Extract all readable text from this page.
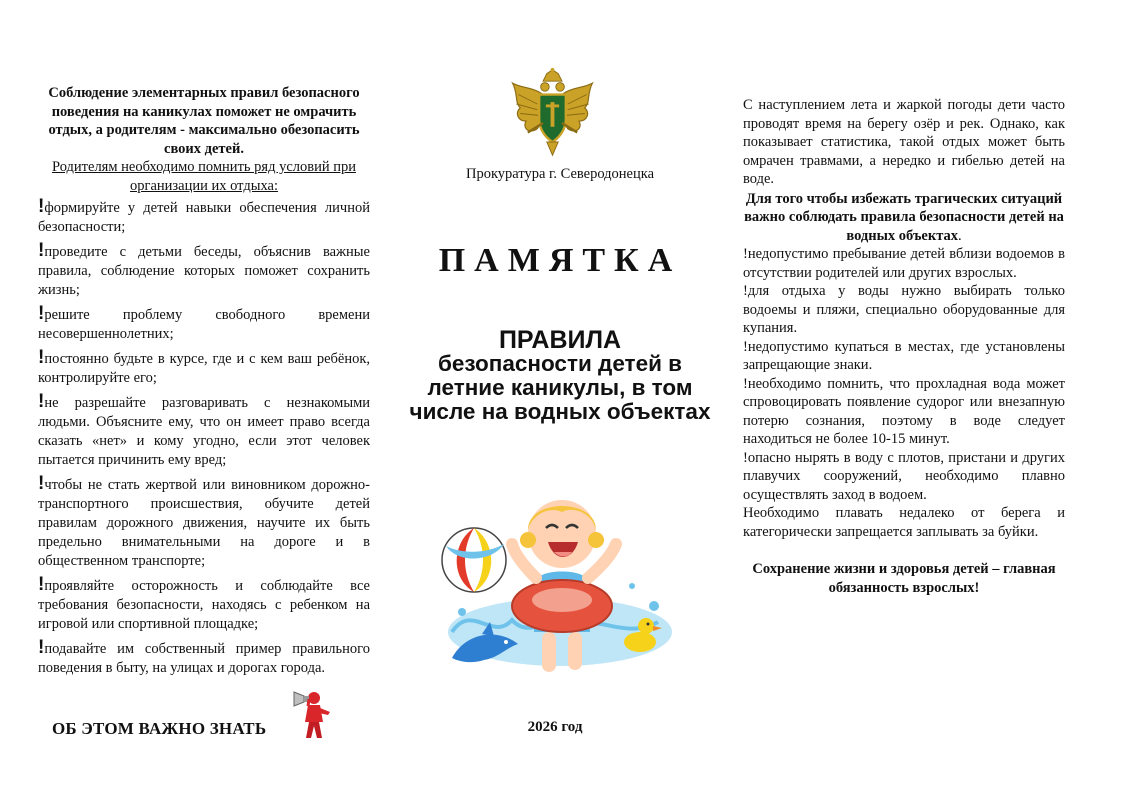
Соблюдение элементарных правил безопасного поведения на каникулах поможет не омрачить отдых, а родителям - максимально обезопасить своих детей.

Родителям необходимо помнить ряд условий при организации их отдыха:

!формируйте у детей навыки обеспечения личной безопасности;
!проведите с детьми беседы, объяснив важные правила, соблюдение которых поможет сохранить жизнь;
!решите проблему свободного времени несовершеннолетних;
!постоянно будьте в курсе, где и с кем ваш ребёнок, контролируйте его;
!не разрешайте разговаривать с незнакомыми людьми. Объясните ему, что он имеет право всегда сказать «нет» и кому угодно, если этот человек пытается причинить ему вред;
!чтобы не стать жертвой или виновником дорожно-транспортного происшествия, обучите детей правилам дорожного движения, научите их быть предельно внимательными на дороге и в общественном транспорте;
!проявляйте осторожность и соблюдайте все требования безопасности, находясь с ребенком на игровой или спортивной площадке;
!подавайте им собственный пример правильного поведения в быту, на улицах и дорогах города.
ОБ ЭТОМ ВАЖНО ЗНАТЬ
Прокуратура г. Северодонецка
ПАМЯТКА
ПРАВИЛА
безопасности детей в летние каникулы, в том числе на водных объектах
2026 год

С наступлением лета и жаркой погоды дети часто проводят время на берегу озёр и рек. Однако, как показывает статистика, такой отдых может быть омрачен травмами, а нередко и гибелью детей на воде.

Для того чтобы избежать трагических ситуаций важно соблюдать правила безопасности детей на водных объектах.

!недопустимо пребывание детей вблизи водоемов в отсутствии родителей или других взрослых.

!для отдыха у воды нужно выбирать только водоемы и пляжи, специально оборудованные для купания.

!недопустимо купаться в местах, где установлены запрещающие знаки.

!необходимо помнить, что прохладная вода может спровоцировать появление судорог или внезапную потерю сознания, поэтому в воде следует находиться не более 10-15 минут.

!опасно нырять в воду с плотов, пристани и других плавучих сооружений, необходимо плавно осуществлять заход в водоем.

Необходимо плавать недалеко от берега и категорически запрещается заплывать за буйки.

Сохранение жизни и здоровья детей – главная обязанность взрослых!
